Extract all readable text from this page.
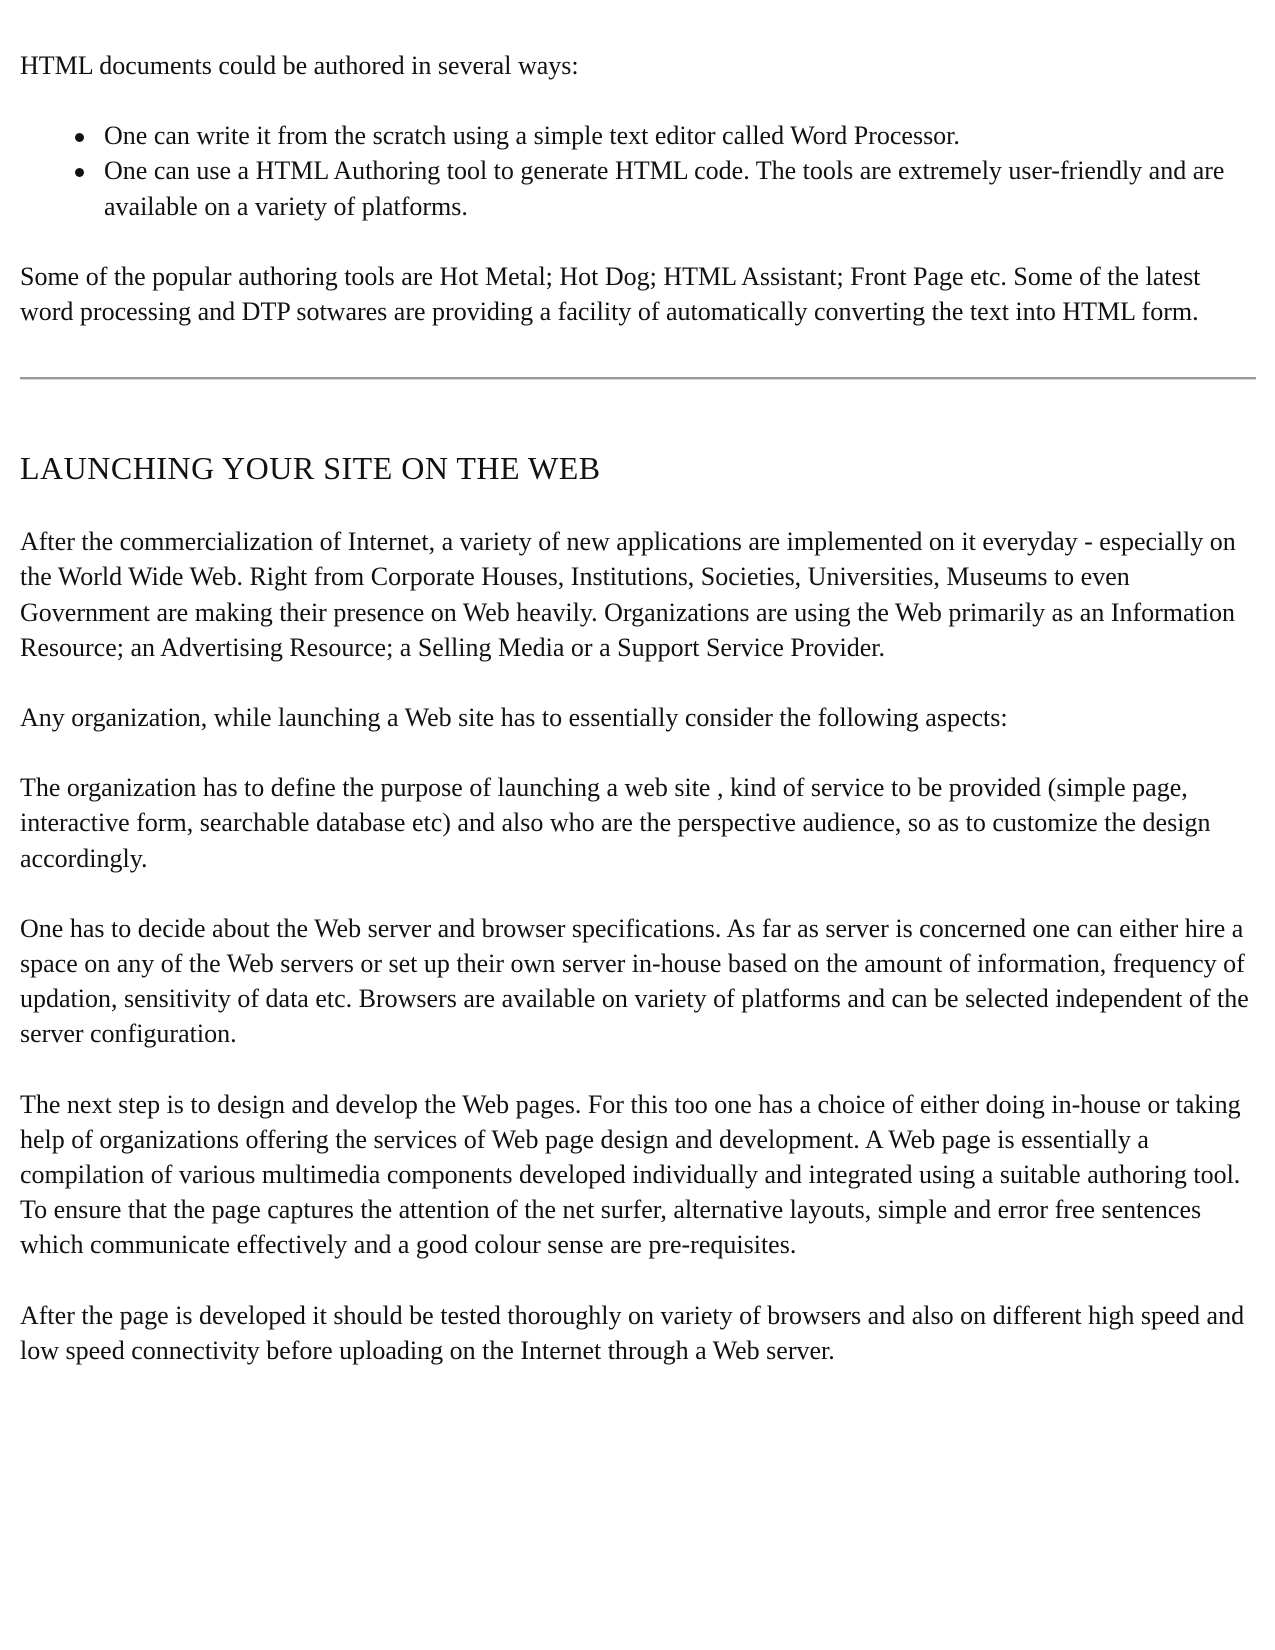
HTML documents could be authored in several ways:

One can write it from the scratch using a simple text editor called Word Processor.
One can use a HTML Authoring tool to generate HTML code. The tools are extremely user-friendly and are available on a variety of platforms.

Some of the popular authoring tools are Hot Metal; Hot Dog; HTML Assistant; Front Page etc. Some of the latest word processing and DTP sotwares are providing a facility of automatically converting the text into HTML form.

LAUNCHING YOUR SITE ON THE WEB

After the commercialization of Internet, a variety of new applications are implemented on it everyday - especially on the World Wide Web. Right from Corporate Houses, Institutions, Societies, Universities, Museums to even Government are making their presence on Web heavily. Organizations are using the Web primarily as an Information Resource; an Advertising Resource; a Selling Media or a Support Service Provider.

Any organization, while launching a Web site has to essentially consider the following aspects:

The organization has to define the purpose of launching a web site , kind of service to be provided (simple page, interactive form, searchable database etc) and also who are the perspective audience, so as to customize the design accordingly.

One has to decide about the Web server and browser specifications. As far as server is concerned one can either hire a space on any of the Web servers or set up their own server in-house based on the amount of information, frequency of updation, sensitivity of data etc. Browsers are available on variety of platforms and can be selected independent of the server configuration.

The next step is to design and develop the Web pages. For this too one has a choice of either doing in-house or taking help of organizations offering the services of Web page design and development. A Web page is essentially a compilation of various multimedia components developed individually and integrated using a suitable authoring tool. To ensure that the page captures the attention of the net surfer, alternative layouts, simple and error free sentences which communicate effectively and a good colour sense are pre-requisites.

After the page is developed it should be tested thoroughly on variety of browsers and also on different high speed and low speed connectivity before uploading on the Internet through a Web server.
